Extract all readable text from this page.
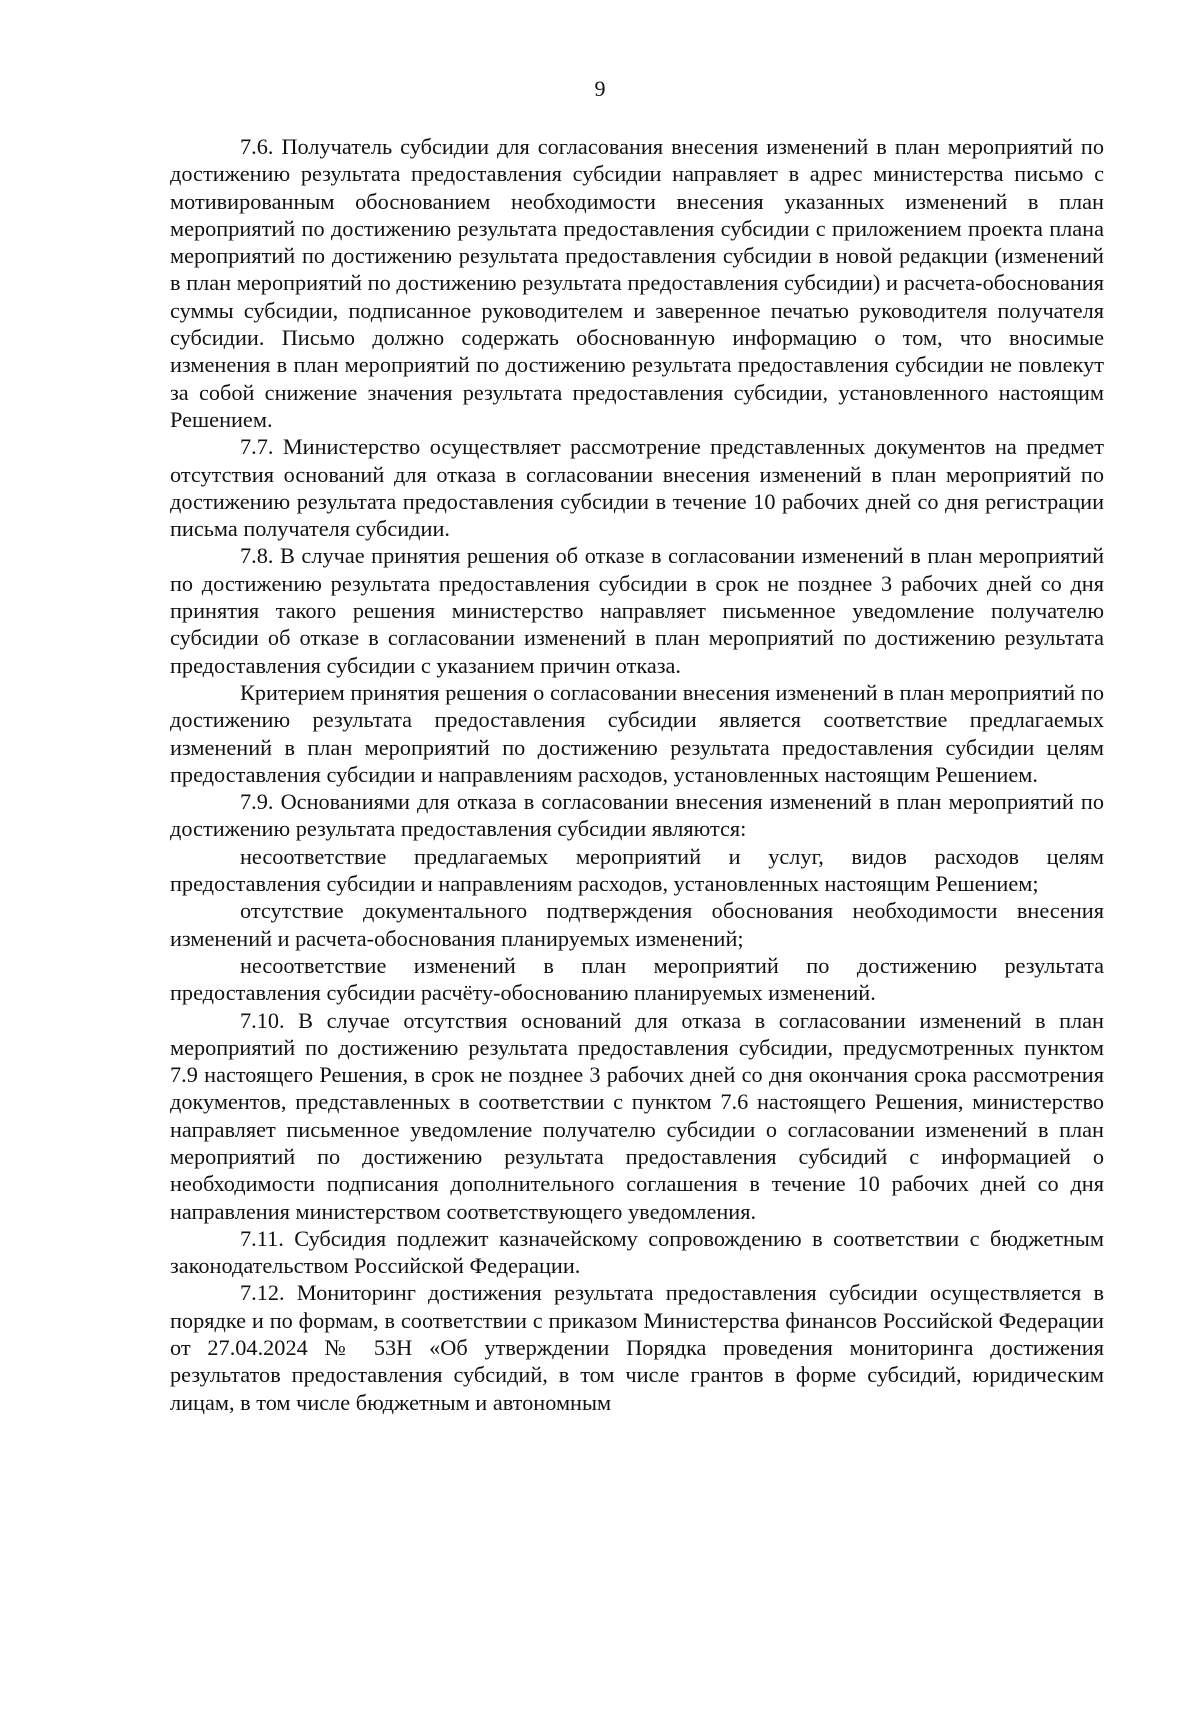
9

7.6. Получатель субсидии для согласования внесения изменений в план мероприятий по достижению результата предоставления субсидии направляет в адрес министерства письмо с мотивированным обоснованием необходимости внесения указанных изменений в план мероприятий по достижению результата предоставления субсидии с приложением проекта плана мероприятий по достижению результата предоставления субсидии в новой редакции (изменений в план мероприятий по достижению результата предоставления субсидии) и расчета-обоснования суммы субсидии, подписанное руководителем и заверенное печатью руководителя получателя субсидии. Письмо должно содержать обоснованную информацию о том, что вносимые изменения в план мероприятий по достижению результата предоставления субсидии не повлекут за собой снижение значения результата предоставления субсидии, установленного настоящим Решением.

7.7. Министерство осуществляет рассмотрение представленных документов на предмет отсутствия оснований для отказа в согласовании внесения изменений в план мероприятий по достижению результата предоставления субсидии в течение 10 рабочих дней со дня регистрации письма получателя субсидии.

7.8. В случае принятия решения об отказе в согласовании изменений в план мероприятий по достижению результата предоставления субсидии в срок не позднее 3 рабочих дней со дня принятия такого решения министерство направляет письменное уведомление получателю субсидии об отказе в согласовании изменений в план мероприятий по достижению результата предоставления субсидии с указанием причин отказа.

Критерием принятия решения о согласовании внесения изменений в план мероприятий по достижению результата предоставления субсидии является соответствие предлагаемых изменений в план мероприятий по достижению результата предоставления субсидии целям предоставления субсидии и направлениям расходов, установленных настоящим Решением.

7.9. Основаниями для отказа в согласовании внесения изменений в план мероприятий по достижению результата предоставления субсидии являются:

несоответствие предлагаемых мероприятий и услуг, видов расходов целям предоставления субсидии и направлениям расходов, установленных настоящим Решением;

отсутствие документального подтверждения обоснования необходимости внесения изменений и расчета-обоснования планируемых изменений;

несоответствие изменений в план мероприятий по достижению результата предоставления субсидии расчёту-обоснованию планируемых изменений.

7.10. В случае отсутствия оснований для отказа в согласовании изменений в план мероприятий по достижению результата предоставления субсидии, предусмотренных пунктом 7.9 настоящего Решения, в срок не позднее 3 рабочих дней со дня окончания срока рассмотрения документов, представленных в соответствии с пунктом 7.6 настоящего Решения, министерство направляет письменное уведомление получателю субсидии о согласовании изменений в план мероприятий по достижению результата предоставления субсидий с информацией о необходимости подписания дополнительного соглашения в течение 10 рабочих дней со дня направления министерством соответствующего уведомления.

7.11. Субсидия подлежит казначейскому сопровождению в соответствии с бюджетным законодательством Российской Федерации.

7.12. Мониторинг достижения результата предоставления субсидии осуществляется в порядке и по формам, в соответствии с приказом Министерства финансов Российской Федерации от 27.04.2024 № 53Н «Об утверждении Порядка проведения мониторинга достижения результатов предоставления субсидий, в том числе грантов в форме субсидий, юридическим лицам, в том числе бюджетным и автономным
